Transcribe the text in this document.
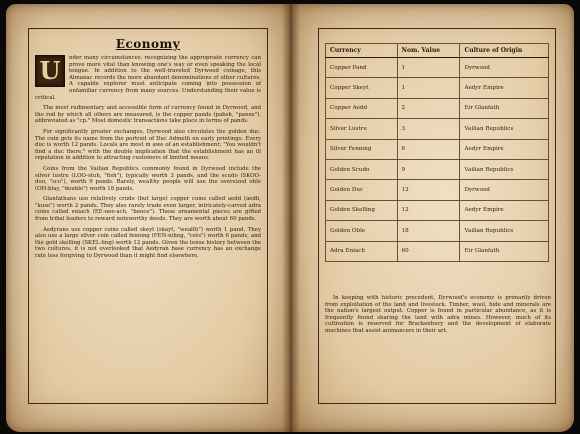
Economy

U	nder many circumstances, recognizing the appropriate currency can prove more vital than knowing one's way or even speaking the local tongue. In addition to the well-traveled Dyrwood coinage, this Almanac records the more abundant denominations of other cultures. A capable explorer must anticipate coming into possession of unfamiliar currency from many sources. Understanding their value is critical.

The most rudimentary and accessible form of currency found in Dyrwood, and the rod by which all others are measured, is the copper pands (pabsh, "panns"), abbreviated as "cp." Most domestic transactions take place in terms of pands.

For significantly greater exchanges, Dyrwood also circulates the golden duc. The coin gets its name from the portrait of Duc Admeth on early printings. Every duc is worth 12 pands. Locals are most in awe of an establishment: "You wouldn't find a duc there," with the double implication that the establishment has an ill reputation in addition to attracting customers of limited means.

Coins from the Vailian Republics commonly found in Dyrwood include the silver lustre (LOO-stuh, "fish"), typically worth 3 pands, and the scudo (SKOO-doo, "sco"), worth 9 pands. Rarely, wealthy people will use the oversized oble (OH-blay, "double") worth 18 pands.

Glanfathans use relatively crude (but large) copper coins called aedd (aedh, "kuse") worth 2 pands. They also rarely trade even larger, intricately-carved adra coins called eniach (EE-nee-ach, "bence"). These ornamental pieces are gifted from tribal leaders to reward noteworthy deeds. They are worth about 60 pands.

Aedyrans use copper coins called skeyt (skayt, "wealth") worth 1 pand. They also use a large silver coin called fenning (FEN-nihng, "cets") worth 6 pands, and the gold skelling (SKEL-ling) worth 12 pands. Given the tense history between the two cultures, it is not overlooked that Aedyran base currency has an exchange rate less forgiving to Dyrwood than it might find elsewhere.

Currency	Nom. Value	Culture of Origin
Copper Pand	1	Dyrwood
Copper Skeyt	1	Aedyr Empire
Copper Aedd	2	Eir Glanfath
Silver Lustre	3	Vailian Republics
Silver Fenning	6	Aedyr Empire
Golden Scudo	9	Vailian Republics
Golden Duc	12	Dyrwood
Golden Skelling	12	Aedyr Empire
Golden Oble	18	Vailian Republics
Adra Eniach	60	Eir Glanfath
In keeping with historic precedent, Dyrwood's economy is primarily driven from exploitation of the land and livestock. Timber, wool, hide and minerals are the nation's largest output. Copper is found in particular abundance, as it is frequently found sharing the land with adra mines. However, much of its cultivation is reserved for Brackenbury and the development of elaborate machines that assist animancers in their art.
